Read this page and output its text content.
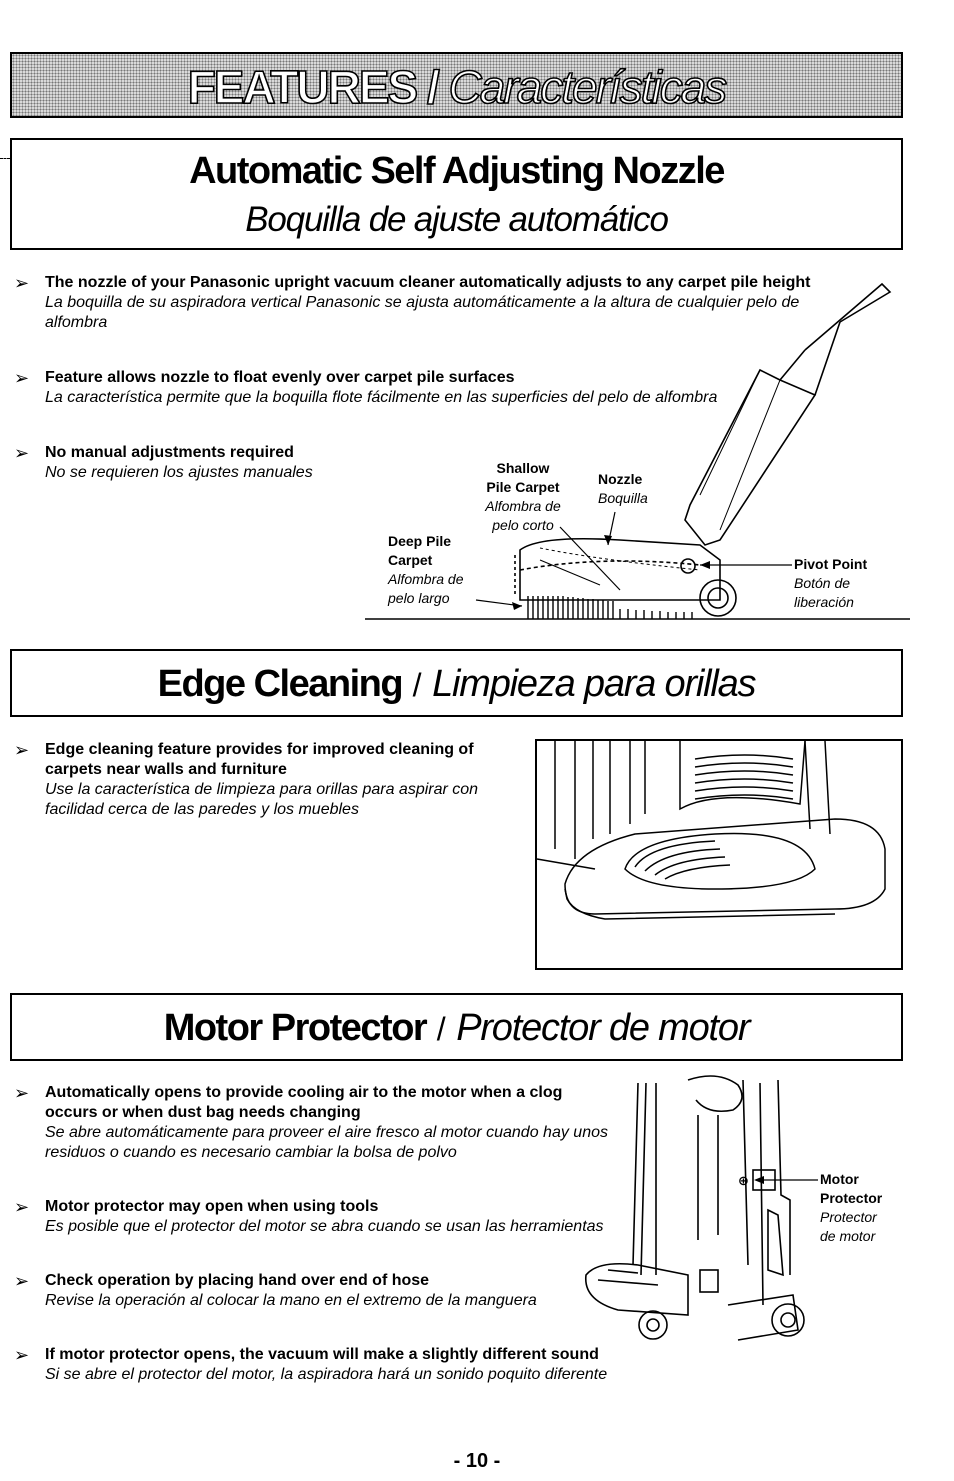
FEATURES / Características
Automatic Self Adjusting Nozzle
Boquilla de ajuste automático
➢ The nozzle of your Panasonic upright vacuum cleaner automatically adjusts to any carpet pile height
La boquilla de su aspiradora vertical Panasonic se ajusta automáticamente a la altura de cualquier pelo de alfombra
➢ Feature allows nozzle to float evenly over carpet pile surfaces
La característica permite que la boquilla flote fácilmente en las superficies del pelo de alfombra
➢ No manual adjustments required
No se requieren los ajustes manuales	Shallow
Pile Carpet
Alfombra de
pelo corto
Nozzle
Boquilla
Deep Pile
Carpet
Alfombra de
pelo largo
Pivot Point
Botón de
liberación
Edge Cleaning / Limpieza para orillas
➢ Edge cleaning feature provides for improved cleaning of carpets near walls and furniture
Use la característica de limpieza para orillas para aspirar con facilidad cerca de las paredes y los muebles
Motor Protector / Protector de motor
➢ Automatically opens to provide cooling air to the motor when a clog occurs or when dust bag needs changing
Se abre automáticamente para proveer el aire fresco al motor cuando hay unos residuos o cuando es necesario cambiar la bolsa de polvo
➢ Motor protector may open when using tools
Es posible que el protector del motor se abra cuando se usan las herramientas
➢ Check operation by placing hand over end of hose
Revise la operación al colocar la mano en el extremo de la manguera
➢ If motor protector opens, the vacuum will make a slightly different sound
Si se abre el protector del motor, la aspiradora hará un sonido poquito diferente
⊕	Motor
Protector
Protector
de motor
- 10 -
